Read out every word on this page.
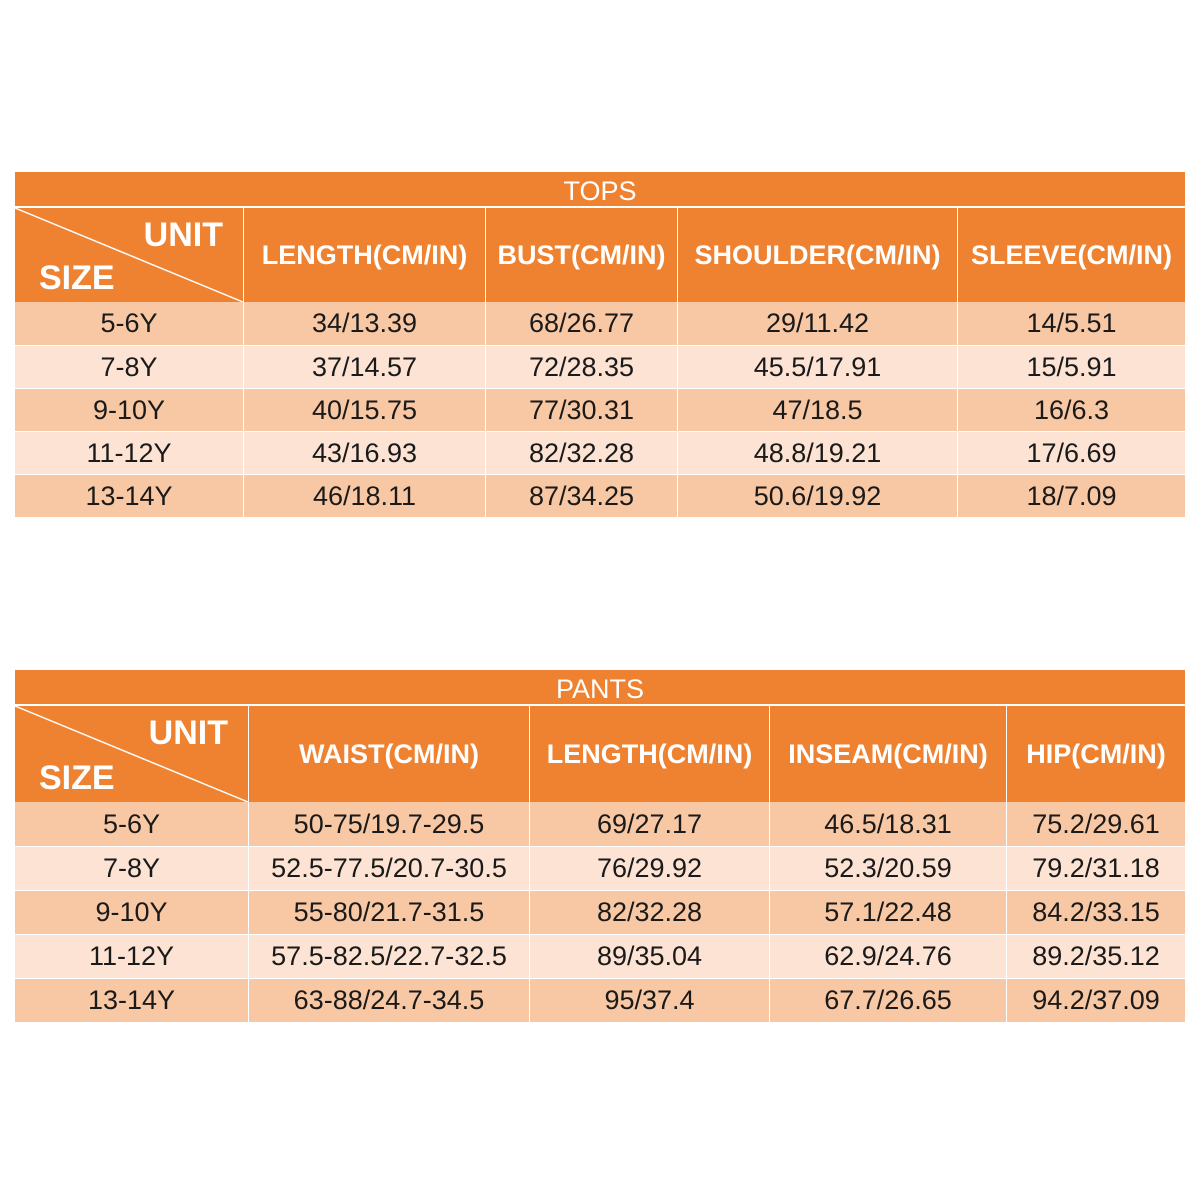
TOPS
UNIT
SIZE
LENGTH(CM/IN)	BUST(CM/IN)	SHOULDER(CM/IN)	SLEEVE(CM/IN)
5-6Y	34/13.39	68/26.77	29/11.42	14/5.51
7-8Y	37/14.57	72/28.35	45.5/17.91	15/5.91
9-10Y	40/15.75	77/30.31	47/18.5	16/6.3
11-12Y	43/16.93	82/32.28	48.8/19.21	17/6.69
13-14Y	46/18.11	87/34.25	50.6/19.92	18/7.09
PANTS
UNIT
SIZE
WAIST(CM/IN)	LENGTH(CM/IN)	INSEAM(CM/IN)	HIP(CM/IN)
5-6Y	50-75/19.7-29.5	69/27.17	46.5/18.31	75.2/29.61
7-8Y	52.5-77.5/20.7-30.5	76/29.92	52.3/20.59	79.2/31.18
9-10Y	55-80/21.7-31.5	82/32.28	57.1/22.48	84.2/33.15
11-12Y	57.5-82.5/22.7-32.5	89/35.04	62.9/24.76	89.2/35.12
13-14Y	63-88/24.7-34.5	95/37.4	67.7/26.65	94.2/37.09
